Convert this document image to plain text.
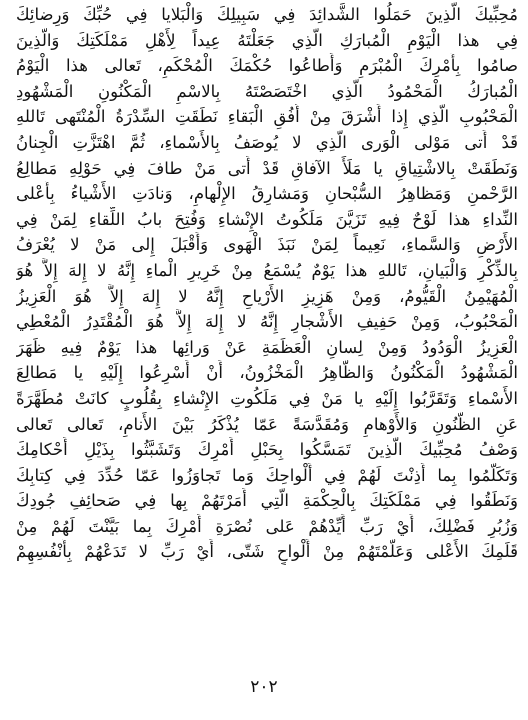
مُحِبِّيكَ الَّذِينَ حَمَلُوا الشَّدائِدَ فِي سَبِيلِكَ وَالْبَلايا فِي حُبِّكَ وَرِضائِكَ
فِي هذا الْيَوْمِ الْمُبارَكِ الَّذِي جَعَلْتَهُ عِيداً لِأَهْلِ مَمْلَكَتِكَ وَالَّذِينَ
صامُوا بِأَمْرِكَ الْمُبْرَمِ وَأَطاعُوا حُكْمَكَ الْمُحْكَمِ، تَعالى هذا الْيَوْمُ
الْمُبارَكُ الْمَحْمُودُ الَّذِي اخْتَصَصْتَهُ بِالاسْمِ الْمَكْنُونِ الْمَشْهُودِ
الْمَحْبُوبِ الَّذِي إِذا أَشْرَقَ مِنْ أُفُقِ الْبَقاءِ نَطَقَتِ السِّدْرَةُ الْمُنْتَهى تَاللهِ
قَدْ أَتى مَوْلى الْوَرى الَّذِي لا يُوصَفُ بِالأَسْماءِ، ثُمَّ اهْتَزَّتِ الْجِنانُ
وَنَطَقَتْ بِالاشْتِياقِ يا مَلَأَ الآفاقِ قَدْ أَتى مَنْ طافَ فِي حَوْلِهِ مَطالِعُ
الرَّحْمنِ وَمَظاهِرُ السُّبْحانِ وَمَشارِقُ الإِلْهامِ، وَنادَتِ الأَشْياءُ بِأَعْلى
النِّداءِ هذا لَوْحٌ فِيهِ تَزَيَّنَ مَلَكُوتُ الإِنْشاءِ وَفُتِحَ بابُ اللِّقاءِ لِمَنْ فِي
الأَرْضِ وَالسَّماءِ، نَعِيماً لِمَنْ نَبَذَ الْهَوى وَأَقْبَلَ إِلى مَنْ لا يُعْرَفُ
بِالذِّكْرِ وَالْبَيانِ، تَاللهِ هذا يَوْمٌ يُسْمَعُ مِنْ خَرِيرِ الْماءِ إِنَّهُ لا إِلهَ إِلاَّ هُوَ
الْمُهَيْمِنُ الْقَيُّومُ، وَمِنْ هَزِيزِ الأَرْياحِ إِنَّهُ لا إِلهَ إِلاَّ هُوَ الْعَزِيزُ
الْمَحْبُوبُ، وَمِنْ حَفِيفِ الأَشْجارِ إِنَّهُ لا إِلهَ إِلاَّ هُوَ الْمُقْتَدِرُ الْمُعْطِي
الْعَزِيزُ الْوَدُودُ وَمِنْ لِسانِ الْعَظَمَةِ عَنْ وَرائِها هذا يَوْمٌ فِيهِ ظَهَرَ
الْمَشْهُودُ الْمَكْنُونُ وَالظّاهِرُ الْمَخْزُونُ، أَنْ أَسْرِعُوا إِلَيْهِ يا مَطالِعَ
الأَسْماءِ وَتَقَرَّبُوا إِلَيْهِ يا مَنْ فِي مَلَكُوتِ الإِنْشاءِ بِقُلُوبٍ كانَتْ مُطَهَّرَةً
عَنِ الظُّنُونِ وَالأَوْهامِ وَمُقَدَّسَةً عَمّا يُذْكَرُ بَيْنَ الأَنامِ، تَعالى تَعالى
وَصْفُ مُحِبِّيكَ الَّذِينَ تَمَسَّكُوا بِحَبْلِ أَمْرِكَ وَتَشَبَّثُوا بِذَيْلِ أَحْكامِكَ
وَتَكَلَّمُوا بِما أَذِنْتَ لَهُمْ فِي أَلْواحِكَ وَما تَجاوَزُوا عَمّا حُدِّدَ فِي كِتابِكَ
وَنَطَقُوا فِي مَمْلَكَتِكَ بِالْحِكْمَةِ الَّتِي أَمَرْتَهُمْ بِها فِي صَحائِفِ جُودِكَ
وَزُبُرِ فَضْلِكَ، أَيْ رَبِّ أَيِّدْهُمْ عَلى نُصْرَةِ أَمْرِكَ بِما بَيَّنْتَ لَهُمْ مِنْ
قَلَمِكَ الأَعْلى وَعَلَّمْتَهُمْ مِنْ أَلْواحٍ شَتّى، أَيْ رَبِّ لا تَدَعْهُمْ بِأَنْفُسِهِمْ
٢٠٢
